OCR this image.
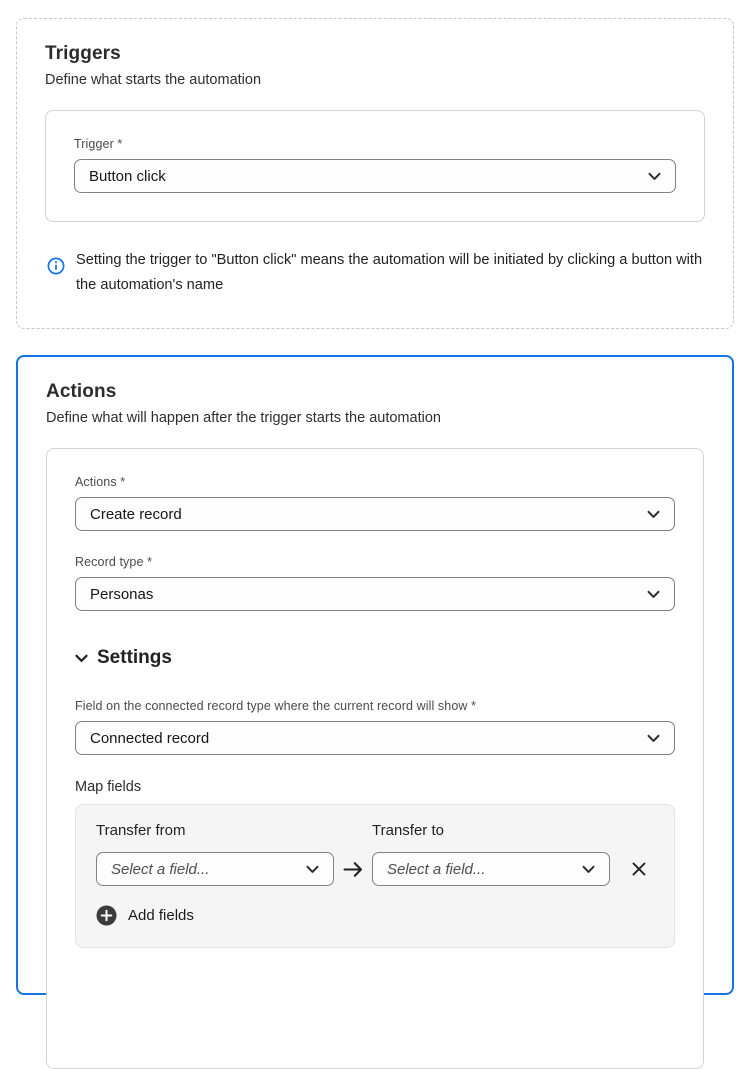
Triggers
Define what starts the automation
Trigger *
Button click
Setting the trigger to "Button click" means the automation will be initiated by clicking a button with the automation's name
Actions
Define what will happen after the trigger starts the automation
Actions *
Create record
Record type *
Personas
Settings
Field on the connected record type where the current record will show *
Connected record
Map fields
Transfer from
Select a field...
Transfer to
Select a field...
Add fields
